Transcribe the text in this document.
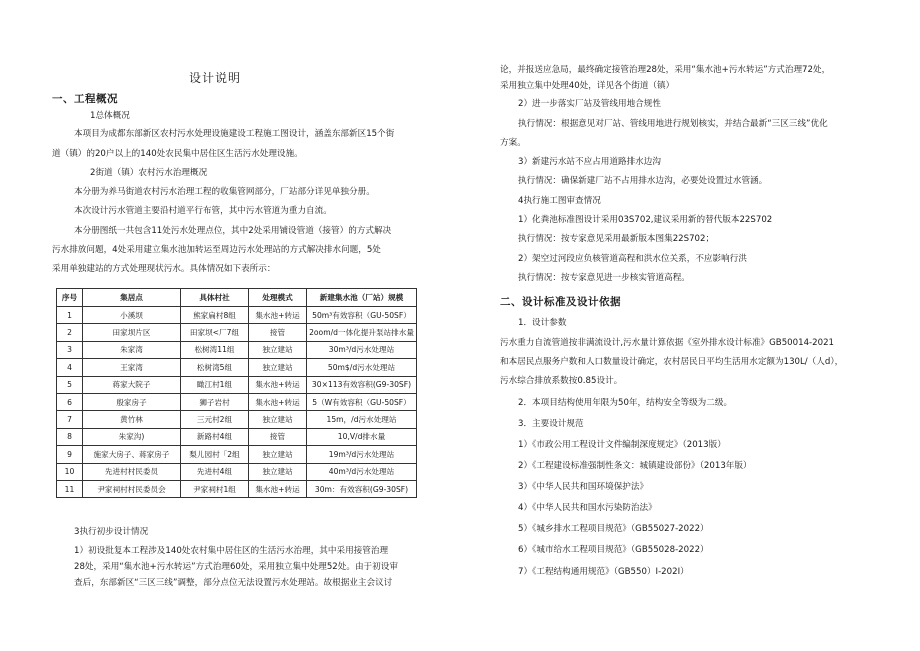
设计说明
一、工程概况
1总体概况
本项目为成都东部新区农村污水处理设施建设工程施工图设计，涵盖东部新区15个街
道（镇）的20户以上的140处农民集中居住区生活污水处理设施。
2街道（镇）农村污水治理概况
本分册为养马街道农村污水治理工程的收集管网部分，厂站部分详见单独分册。
本次设计污水管道主要沿村道平行布管，其中污水管道为重力自流。
本分册图纸一共包含11处污水处理点位，其中2处采用铺设管道（接管）的方式解决
污水排放问题，4处采用建立集水池加转运至周边污水处理站的方式解决排水问题，5处
采用单独建站的方式处理现状污水。具体情况如下表所示：
3执行初步设计情况
1）初设批复本工程涉及140处农村集中居住区的生活污水治理，其中采用接管治理
28处，采用“集水池+污水转运”方式治理60处，采用独立集中处理52处。由于初设审
查后，东部新区“三区三线”调整，部分点位无法设置污水处理站。故根据业主会议讨
序号	集居点	具体村社	处理模式	新建集水池（厂站）规模
1	小溪坝	熊家扁村8组	集水池+转运	50m³有效容积（GU-50SF）
2	田家坝片区	田家坝<厂7组	接管	2oom/d一体化提升泵站排水量
3	朱家湾	松树湾11组	独立建站	30m³/d污水处理站
4	王家湾	松树湾5组	独立建站	50m$/d污水处理站
5	蒋家大院子	瞰江村1组	集水池+转运	30×113有效容积(G9-30SF)
6	殷家房子	狮子岩村	集水池+转运	5（W有效容积（GU-50SF）
7	黄竹林	三元村2组	独立建站	15m，/d污水处理站
8	朱家沟)	新路村4组	接管	10,V/d排水量
9	施家大房子、蒋家房子	梨儿园村「2组	独立建站	19m³/d污水处理站
10	先进村村民委员	先进村4组	独立建站	40m³/d污水处理站
11	尹家祠村村民委员会	尹家祠村1组	集水池+转运	30m：有效容积(G9-30SF)
论，并报送应急局，最终确定接管治理28处，采用“集水池+污水转运”方式治理72处，
采用独立集中处理40处，详见各个街道（镇）
2）进一步落实厂站及管线用地合规性
执行情况：根据意见对厂站、管线用地进行规划核实，并结合最新“三区三线”优化
方案。
3）新建污水站不应占用道路排水边沟
执行情况：确保新建厂站不占用排水边沟，必要处设置过水管涵。
4执行施工图审查情况
1）化粪池标准图设计采用03S702,建议采用新的替代版本22S702
执行情况：按专家意见采用最新版本图集22S702；
2）架空过河段应负核管道高程和洪水位关系，不应影响行洪
执行情况：按专家意见进一步核实管道高程。
二、设计标准及设计依据
1．设计参数
污水重力自流管道按非满流设计,污水量计算依据《室外排水设计标准》GB50014-2021
和本居民点服务户数和人口数量设计确定，农村居民日平均生活用水定额为130L/（人d），
污水综合排放系数按0.85设计。
2．本项目结构使用年限为50年，结构安全等级为二级。
3．主要设计规范
1）《市政公用工程设计文件编制深度规定》（2013版）
2）《工程建设标准强制性条文：城镇建设部份》（2013年版）
3）《中华人民共和国环境保护法》
4）《中华人民共和国水污染防治法》
5）《城乡排水工程项目规范》（GB55027-2022）
6）《城市给水工程项目规范》（GB55028-2022）
7）《工程结构通用规范》（GB550）I-202I）
